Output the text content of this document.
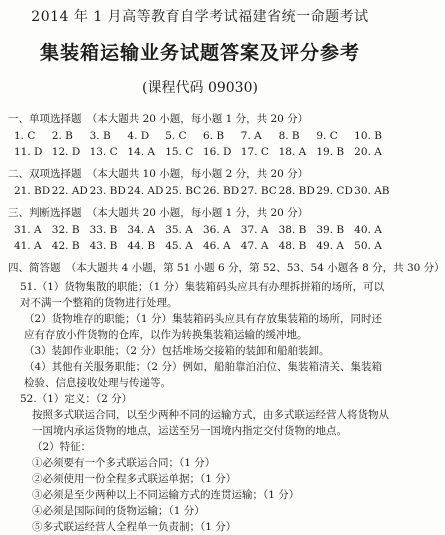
2014 年 1 月高等教育自学考试福建省统一命题考试
集装箱运输业务试题答案及评分参考
(课程代码 09030)
一、单项选择题　（本大题共 20 小题，每小题 1 分，共 20 分）
1. C	2. B	3. B	4. D	5. C	6. B	7. A	8. B	9. C	10. B
11. D 12. D 13. C 14. A 15. C 16. D 17. C 18. A 19. B 20. A
二、双项选择题　（本大题共 10 小题，每小题 2 分，共 20 分）
21. BD 22. AD 23. BD 24. AD 25. BC 26. BD 27. BC 28. BD 29. CD 30. AB
三、判断选择题　（本大题共 20 小题，每小题 1 分，共 20 分）
31. A 32. B 33. B 34. A 35. A 36. A 37. A 38. B 39. B 40. A
41. A 42. B 43. B 44. B 45. A 46. A 47. A 48. B 49. A 50. A
四、简答题　（本大题共 4 小题，第 51 小题 6 分，第 52、53、54 小题各 8 分，共 30 分）
51.（1）货物集散的职能；（1 分）集装箱码头应具有办理拆拼箱的场所，可以对不满一个整箱的货物进行处理。
（2）货物堆存的职能；（1 分）集装箱码头应具有存放集装箱的场所，同时还应有存放小件货物的仓库，以作为转换集装箱运输的缓冲地。
（3）装卸作业职能；（2 分）包括堆场交接箱的装卸和船舶装卸。
（4）其他有关服务职能；（2 分）例如，船舶靠泊泊位、集装箱清关、集装箱检验、信息接收处理与传递等。
52.（1）定义：（2 分）
按照多式联运合同，以至少两种不同的运输方式，由多式联运经营人将货物从一国境内承运货物的地点，运送至另一国境内指定交付货物的地点。
（2）特征：
①必须要有一个多式联运合同；（1 分）
②必须使用一份全程多式联运单据；（1 分）
③必须是至少两种以上不同运输方式的连贯运输；（1 分）
④必须是国际间的货物运输；（1 分）
⑤多式联运经营人全程单一负责制；（1 分）
